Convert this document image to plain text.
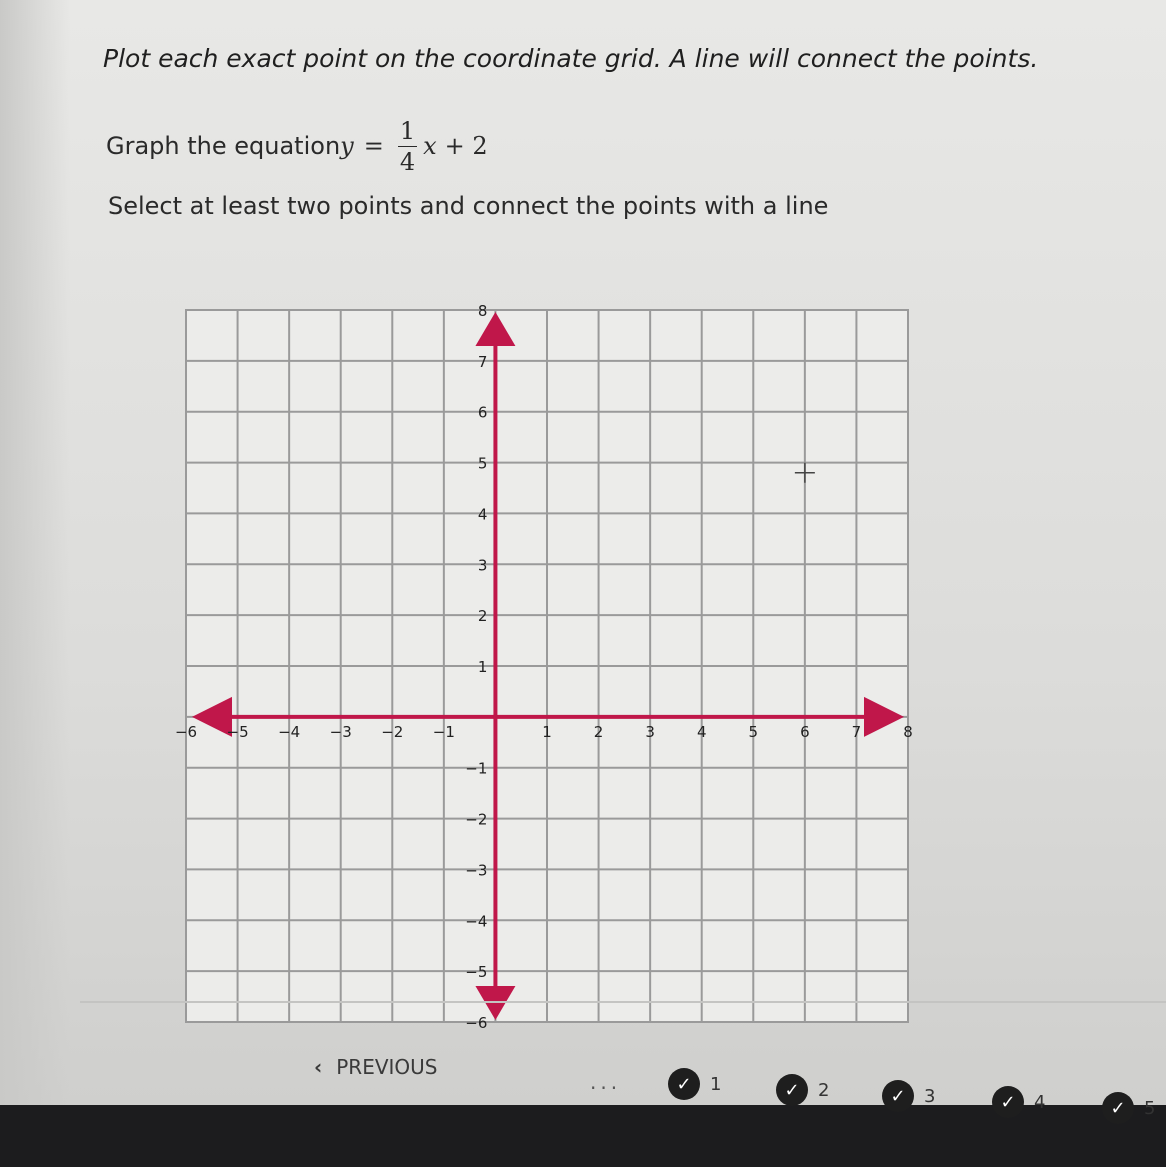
Plot each exact point on the coordinate grid. A line will connect the points.
Graph the equation $y = \frac{1}{4}$ x + 2
Select at least two points and connect the points with a line
−6 −5 −4 −3 −2 −1	1	2	3	4	5	6	7	8
8
7
6
5
4
3
2
1
−1
−2
−3
−4
−5
−6
‹ PREVIOUS
...	✓	1	✓	2	✓	3	✓	4	✓	5
